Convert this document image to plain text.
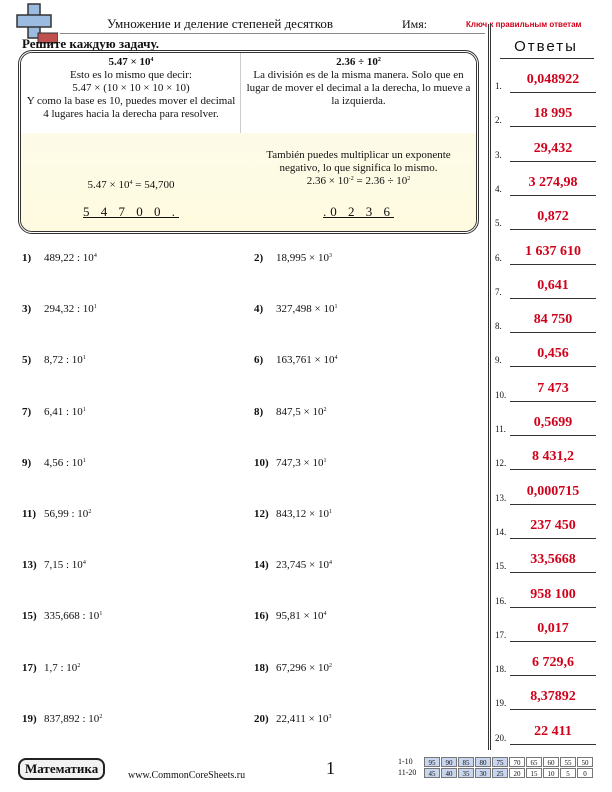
Умножение и деление степеней десятков	Имя:	Ключ к правильным ответам
Решите каждую задачу.
$5.47 \times 10^4$
Esto es lo mismo que decir:
5.47 × (10 × 10 × 10 × 10)
Y como la base es 10, puedes mover el decimal 4 lugares hacia la derecha para resolver.
$5.47 \times 10^4 = 54,700$
5 4 7 0 0 .
$2.36 \div 10^2$
La división es de la misma manera. Solo que en lugar de mover el decimal a la derecha, lo mueve a la izquierda.
También puedes multiplicar un exponente negativo, lo que significa lo mismo.
$2.36 \times 10^{-2} = 2.36 \div 10^2$
.0 2 3 6
1) 489,22 : $10^4$	2) $18,995 \times 10^3$
3) 294,32 : $10^1$	4) $327,498 \times 10^1$
5) 8,72 : $10^1$	6) $163,761 \times 10^4$
7) 6,41 : $10^1$	8) $847,5 \times 10^2$
9) 4,56 : $10^1$	10) $747,3 \times 10^1$
11) 56,99 : $10^2$	12) $843,12 \times 10^1$
13) 7,15 : $10^4$	14) $23,745 \times 10^4$
15) 335,668 : $10^1$	16) $95,81 \times 10^4$
17) 1,7 : $10^2$	18) $67,296 \times 10^2$
19) 837,892 : $10^2$	20) $22,411 \times 10^3$
Ответы
1.	0,048922
2.	18 995
3.	29,432
4.	3 274,98
5.	0,872
6.	1 637 610
7.	0,641
8.	84 750
9.	0,456
10.	7 473
11.	0,5699
12.	8 431,2
13.	0,000715
14.	237 450
15.	33,5668
16.	958 100
17.	0,017
18.	6 729,6
19.	8,37892
20.	22 411
Математика	www.CommonCoreSheets.ru	1	1-10	95	90	85	80	75	70	65	60	55	50
11-20	45	40	35	30	25	20	15	10	5	0
